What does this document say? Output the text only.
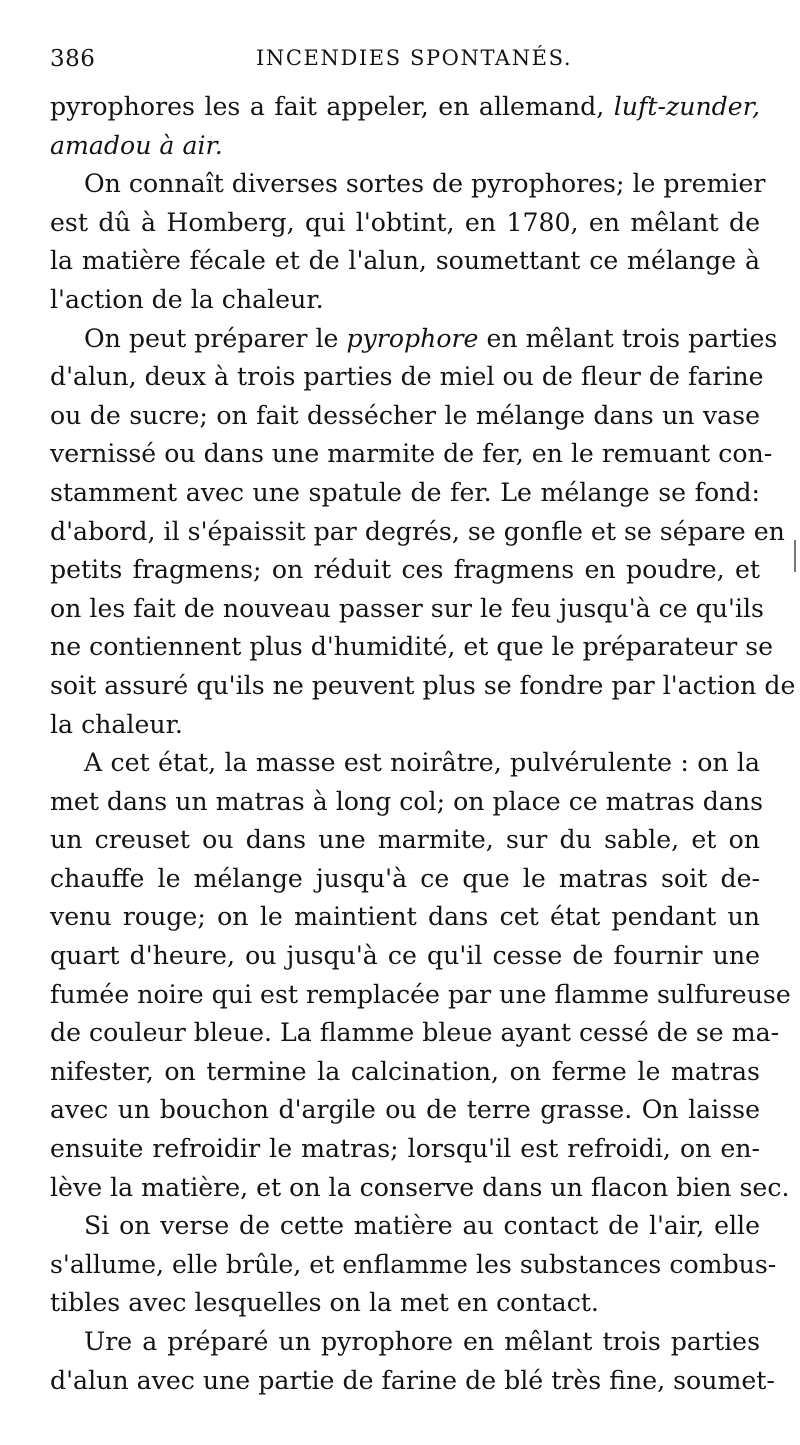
386	INCENDIES SPONTANÉS.
pyrophores les a fait appeler, en allemand, luft-zunder,
amadou à air.
On connaît diverses sortes de pyrophores; le premier
est dû à Homberg, qui l'obtint, en 1780, en mêlant de
la matière fécale et de l'alun, soumettant ce mélange à
l'action de la chaleur.
On peut préparer le pyrophore en mêlant trois parties
d'alun, deux à trois parties de miel ou de fleur de farine
ou de sucre; on fait dessécher le mélange dans un vase
vernissé ou dans une marmite de fer, en le remuant con-
stamment avec une spatule de fer. Le mélange se fond:
d'abord, il s'épaissit par degrés, se gonfle et se sépare en
petits fragmens; on réduit ces fragmens en poudre, et
on les fait de nouveau passer sur le feu jusqu'à ce qu'ils
ne contiennent plus d'humidité, et que le préparateur se
soit assuré qu'ils ne peuvent plus se fondre par l'action de
la chaleur.
A cet état, la masse est noirâtre, pulvérulente : on la
met dans un matras à long col; on place ce matras dans
un creuset ou dans une marmite, sur du sable, et on
chauffe le mélange jusqu'à ce que le matras soit de-
venu rouge; on le maintient dans cet état pendant un
quart d'heure, ou jusqu'à ce qu'il cesse de fournir une
fumée noire qui est remplacée par une flamme sulfureuse
de couleur bleue. La flamme bleue ayant cessé de se ma-
nifester, on termine la calcination, on ferme le matras
avec un bouchon d'argile ou de terre grasse. On laisse
ensuite refroidir le matras; lorsqu'il est refroidi, on en-
lève la matière, et on la conserve dans un flacon bien sec.
Si on verse de cette matière au contact de l'air, elle
s'allume, elle brûle, et enflamme les substances combus-
tibles avec lesquelles on la met en contact.
Ure a préparé un pyrophore en mêlant trois parties
d'alun avec une partie de farine de blé très fine, soumet-
